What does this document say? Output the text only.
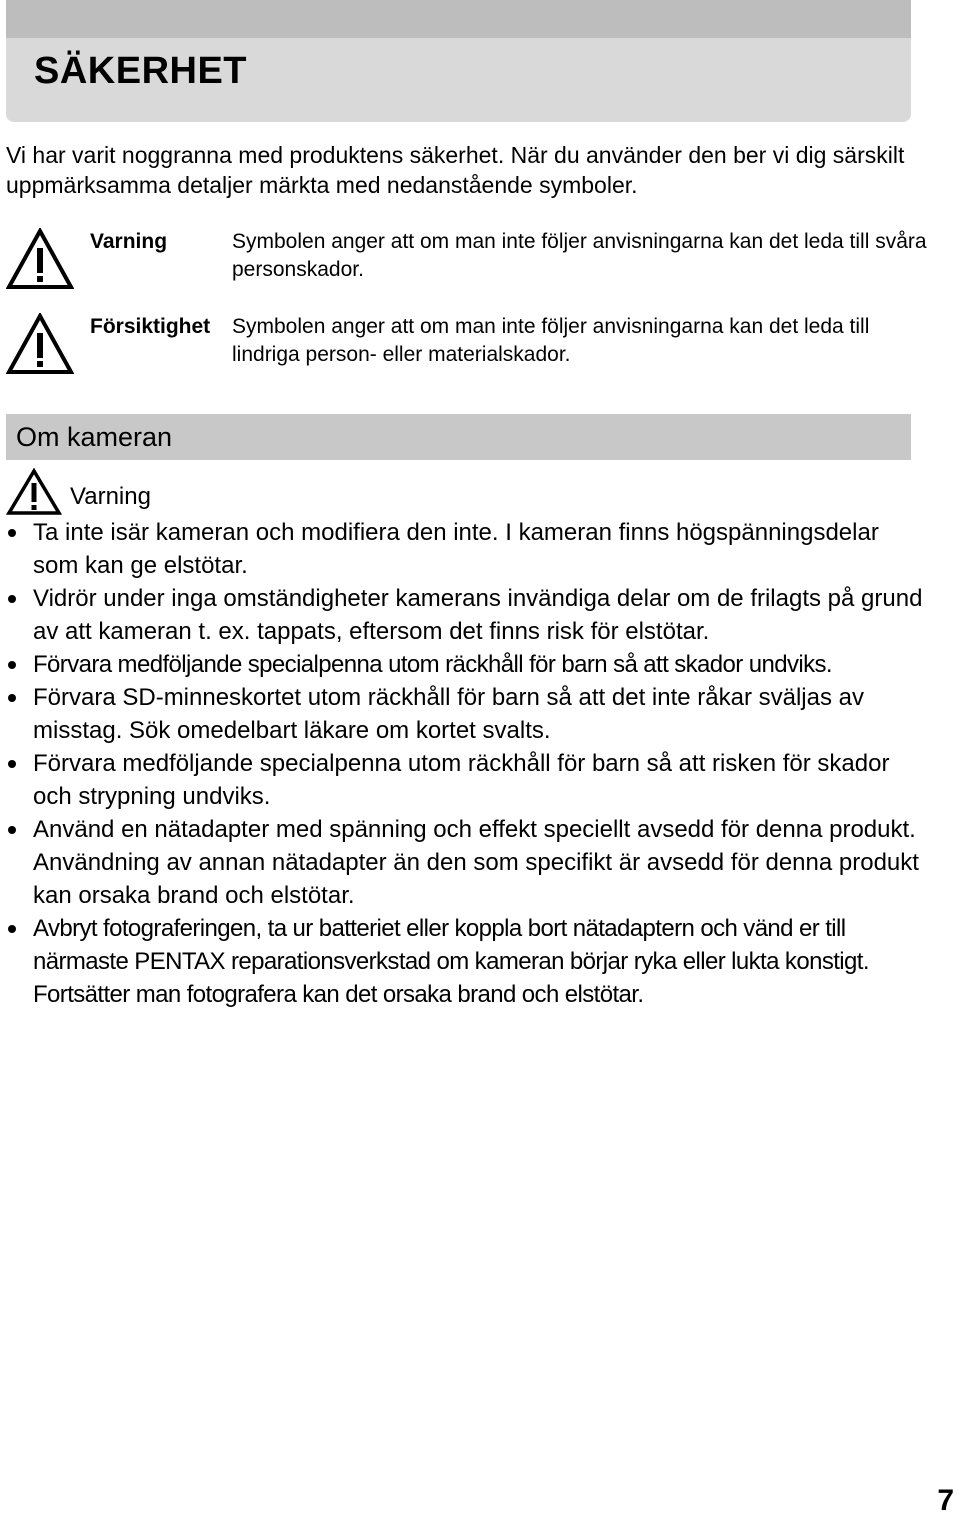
SÄKERHET

Vi har varit noggranna med produktens säkerhet. När du använder den ber vi dig särskilt uppmärksamma detaljer märkta med nedanstående symboler.

Varning	Symbolen anger att om man inte följer anvisningarna kan det leda till svåra personskador.
Försiktighet Symbolen anger att om man inte följer anvisningarna kan det leda till lindriga person- eller materialskador.
Om kameran
Varning
Ta inte isär kameran och modifiera den inte. I kameran finns högspänningsdelar som kan ge elstötar.
Vidrör under inga omständigheter kamerans invändiga delar om de frilagts på grund av att kameran t. ex. tappats, eftersom det finns risk för elstötar.
Förvara medföljande specialpenna utom räckhåll för barn så att skador undviks.
Förvara SD-minneskortet utom räckhåll för barn så att det inte råkar sväljas av misstag. Sök omedelbart läkare om kortet svalts.
Förvara medföljande specialpenna utom räckhåll för barn så att risken för skador och strypning undviks.
Använd en nätadapter med spänning och effekt speciellt avsedd för denna produkt. Användning av annan nätadapter än den som specifikt är avsedd för denna produkt kan orsaka brand och elstötar.
Avbryt fotograferingen, ta ur batteriet eller koppla bort nätadaptern och vänd er till närmaste PENTAX reparationsverkstad om kameran börjar ryka eller lukta konstigt. Fortsätter man fotografera kan det orsaka brand och elstötar.
7
